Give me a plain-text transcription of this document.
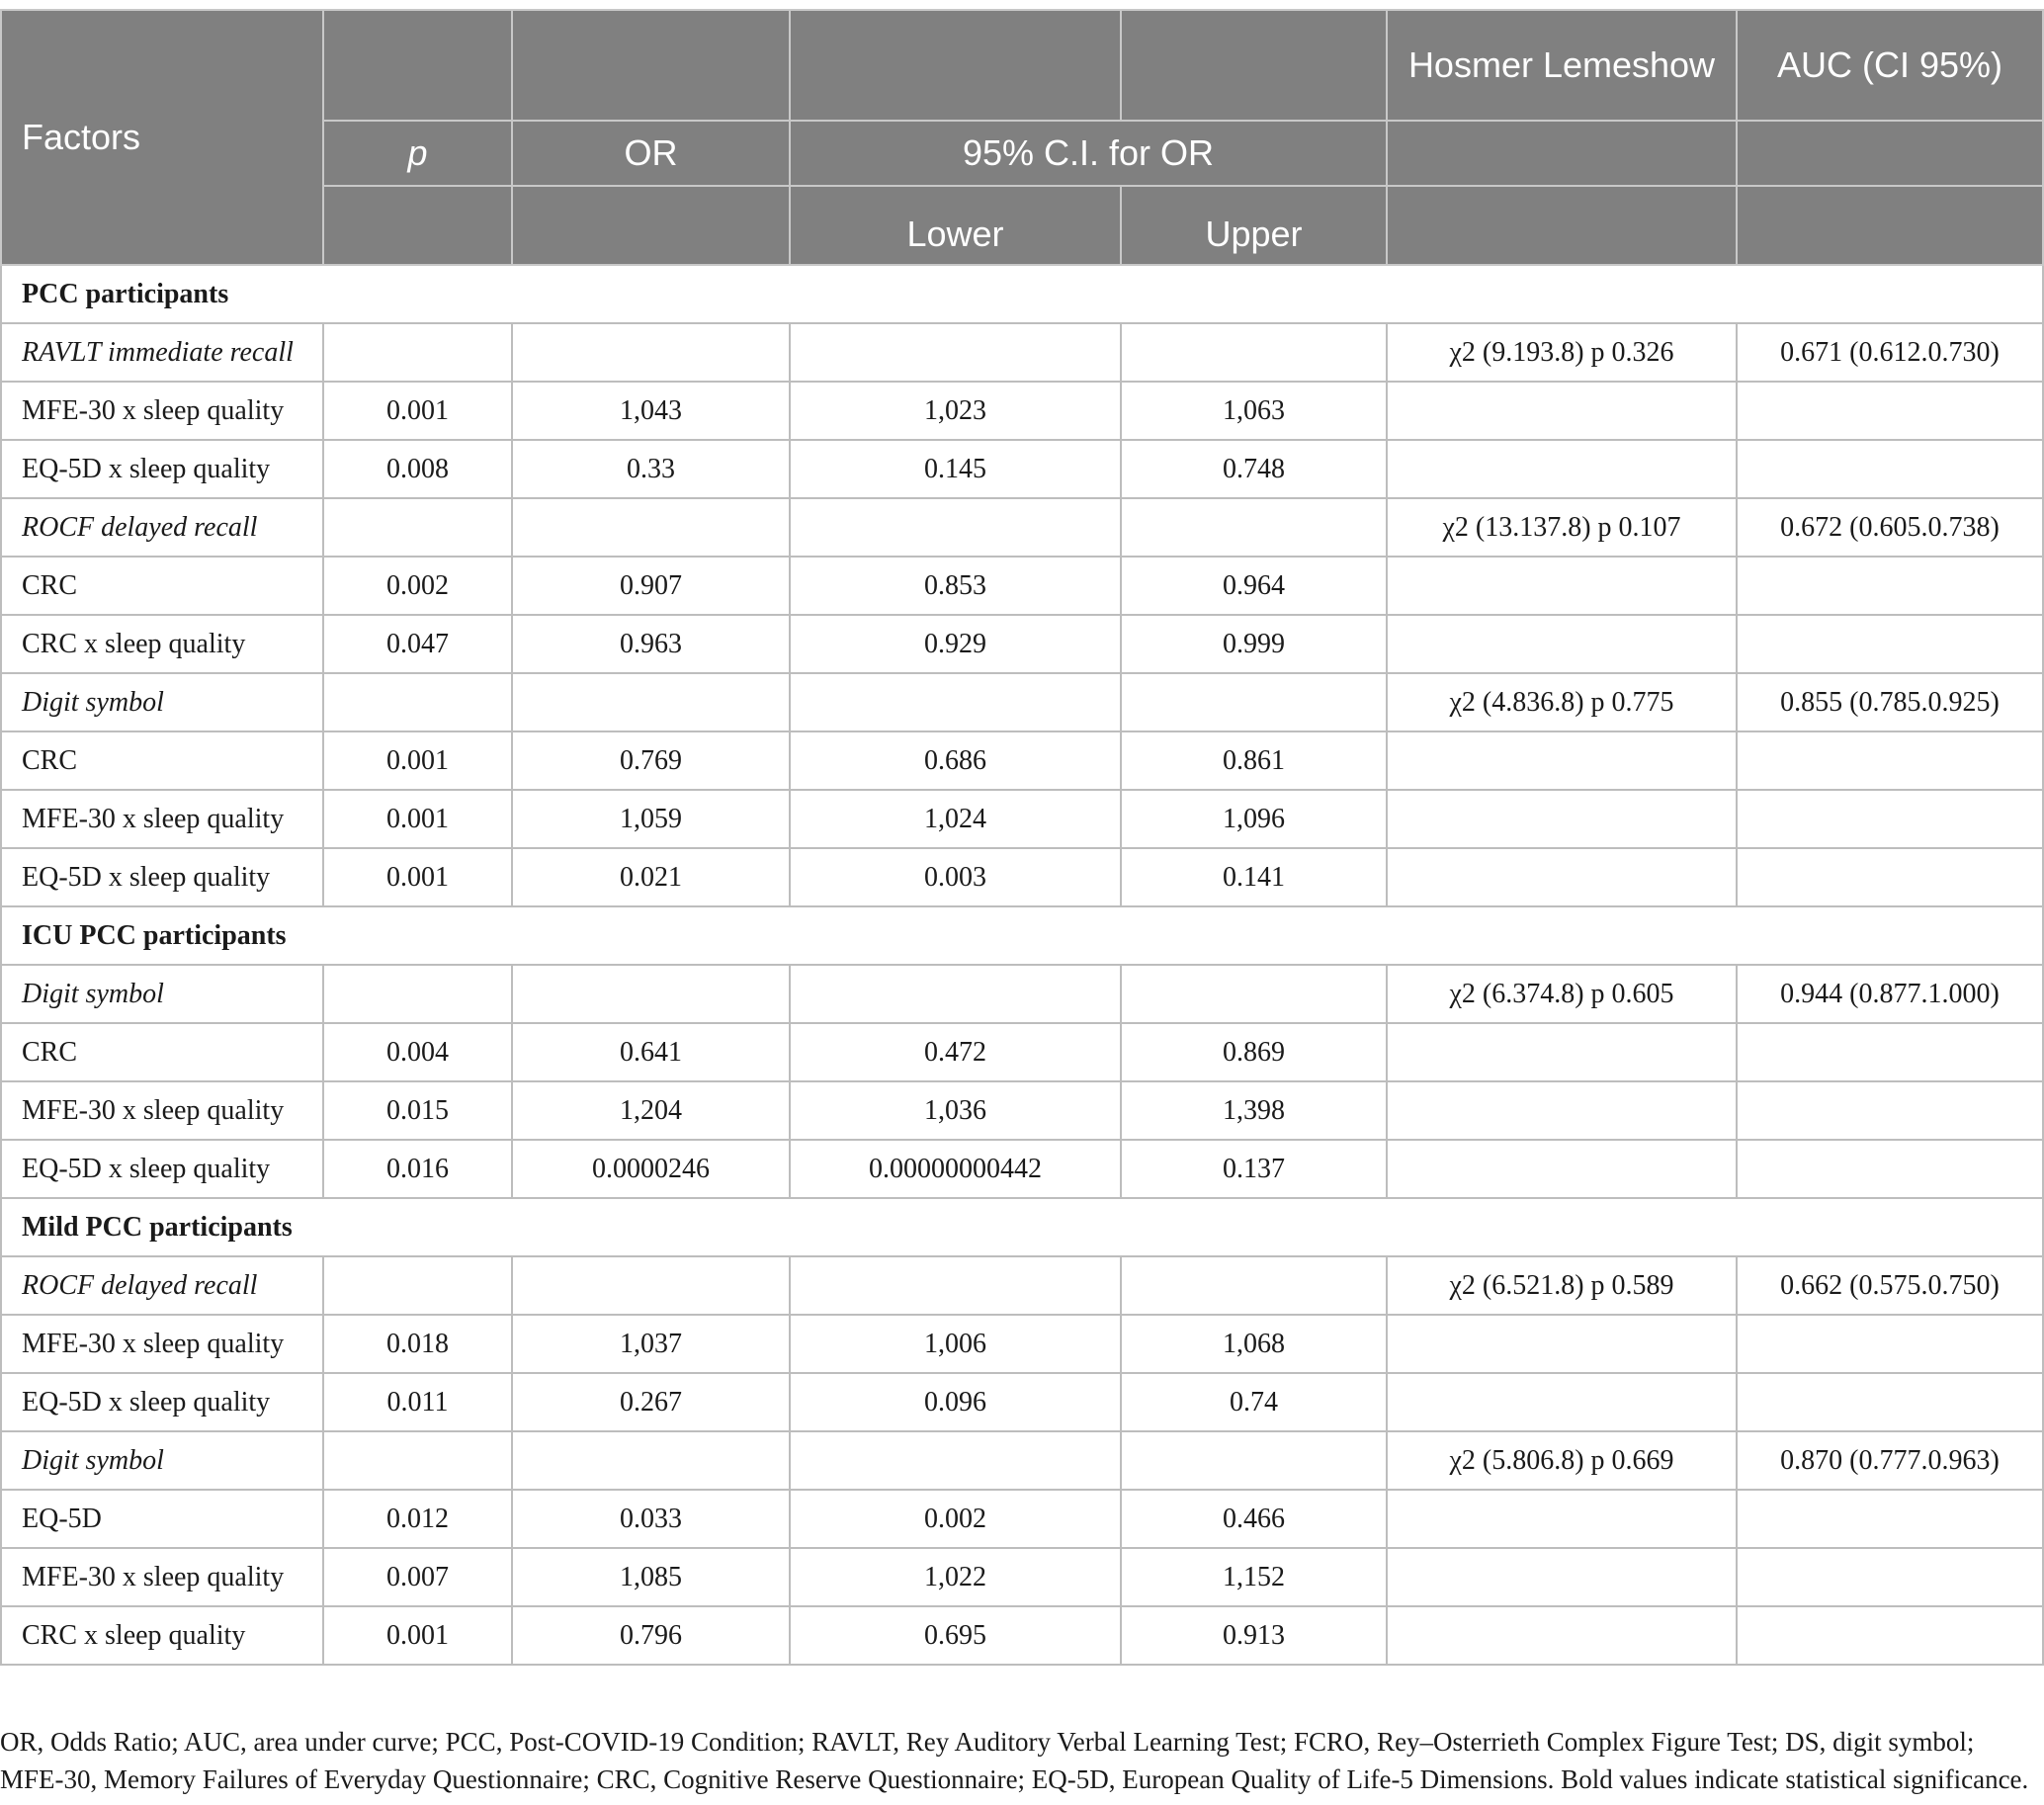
Factors					Hosmer Lemeshow	AUC (CI 95%)
	p	OR	95% C.I. for OR			
			Lower	Upper		
PCC participants						
RAVLT immediate recall					χ2 (9.193.8) p 0.326	0.671 (0.612.0.730)
MFE-30 x sleep quality	0.001	1,043	1,023	1,063		
EQ-5D x sleep quality	0.008	0.33	0.145	0.748		
ROCF delayed recall					χ2 (13.137.8) p 0.107	0.672 (0.605.0.738)
CRC	0.002	0.907	0.853	0.964		
CRC x sleep quality	0.047	0.963	0.929	0.999		
Digit symbol					χ2 (4.836.8) p 0.775	0.855 (0.785.0.925)
CRC	0.001	0.769	0.686	0.861		
MFE-30 x sleep quality	0.001	1,059	1,024	1,096		
EQ-5D x sleep quality	0.001	0.021	0.003	0.141		
ICU PCC participants						
Digit symbol					χ2 (6.374.8) p 0.605	0.944 (0.877.1.000)
CRC	0.004	0.641	0.472	0.869		
MFE-30 x sleep quality	0.015	1,204	1,036	1,398		
EQ-5D x sleep quality	0.016	0.0000246	0.00000000442	0.137		
Mild PCC participants						
ROCF delayed recall					χ2 (6.521.8) p 0.589	0.662 (0.575.0.750)
MFE-30 x sleep quality	0.018	1,037	1,006	1,068		
EQ-5D x sleep quality	0.011	0.267	0.096	0.74		
Digit symbol					χ2 (5.806.8) p 0.669	0.870 (0.777.0.963)
EQ-5D	0.012	0.033	0.002	0.466		
MFE-30 x sleep quality	0.007	1,085	1,022	1,152		
CRC x sleep quality	0.001	0.796	0.695	0.913		
OR, Odds Ratio; AUC, area under curve; PCC, Post-COVID-19 Condition; RAVLT, Rey Auditory Verbal Learning Test; FCRO, Rey–Osterrieth Complex Figure Test; DS, digit symbol; MFE-30, Memory Failures of Everyday Questionnaire; CRC, Cognitive Reserve Questionnaire; EQ-5D, European Quality of Life-5 Dimensions. Bold values indicate statistical significance.
